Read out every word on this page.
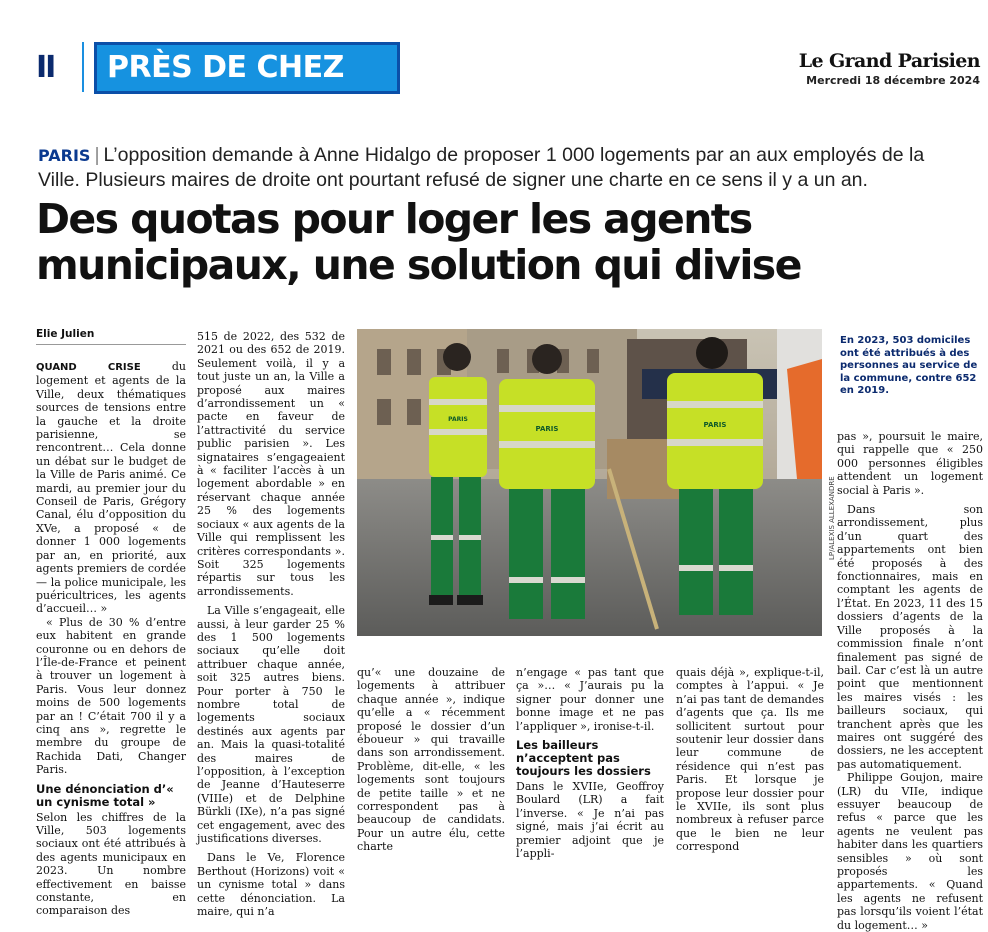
II	PRÈS DE CHEZ VOUS
Le Grand Parisien
Mercredi 18 décembre 2024
PARIS | L’opposition demande à Anne Hidalgo de proposer 1 000 logements par an aux employés de la Ville. Plusieurs maires de droite ont pourtant refusé de signer une charte en ce sens il y a un an.
Des quotas pour loger les agents
municipaux, une solution qui divise
Elie Julien

QUAND CRISE du logement et agents de la Ville, deux thématiques sources de tensions entre la gauche et la droite parisienne, se rencontrent… Cela donne un débat sur le budget de la Ville de Paris animé. Ce mardi, au premier jour du Conseil de Paris, Grégory Canal, élu d’opposition du XVe, a proposé « de donner 1 000 logements par an, en priorité, aux agents premiers de cordée — la police municipale, les puéricultrices, les agents d’accueil… »

« Plus de 30 % d’entre eux habitent en grande couronne ou en dehors de l’Île-de-France et peinent à trouver un logement à Paris. Vous leur donnez moins de 500 logements par an ! C’était 700 il y a cinq ans », regrette le membre du groupe de Rachida Dati, Changer Paris.

Une dénonciation d’« un cynisme total »

Selon les chiffres de la Ville, 503 logements sociaux ont été attribués à des agents municipaux en 2023. Un nombre effectivement en baisse constante, en comparaison des

515 de 2022, des 532 de 2021 ou des 652 de 2019. Seulement voilà, il y a tout juste un an, la Ville a proposé aux maires d’arrondissement un « pacte en faveur de l’attractivité du service public parisien ». Les signataires s’engageaient à « faciliter l’accès à un logement abordable » en réservant chaque année 25 % des logements sociaux « aux agents de la Ville qui remplissent les critères correspondants ». Soit 325 logements répartis sur tous les arrondissements.

La Ville s’engageait, elle aussi, à leur garder 25 % des 1 500 logements sociaux qu’elle doit attribuer chaque année, soit 325 autres biens. Pour porter à 750 le nombre total de logements sociaux destinés aux agents par an. Mais la quasi-totalité des maires de l’opposition, à l’exception de Jeanne d’Hauteserre (VIIIe) et de Delphine Bürkli (IXe), n’a pas signé cet engagement, avec des justifications diverses.

Dans le Ve, Florence Berthout (Horizons) voit « un cynisme total » dans cette dénonciation. La maire, qui n’a

PARIS
PARIS	PARIS
LP/ALEXIS ALLEXANDRE
En 2023, 503 domiciles ont été attribués à des personnes au service de la commune, contre 652 en 2019.

qu’« une douzaine de logements à attribuer chaque année », indique qu’elle a « récemment proposé le dossier d’un éboueur » qui travaille dans son arrondissement. Problème, dit-elle, « les logements sont toujours de petite taille » et ne correspondent pas à beaucoup de candidats. Pour un autre élu, cette charte

n’engage « pas tant que ça »… « J’aurais pu la signer pour donner une bonne image et ne pas l’appliquer », ironise-t-il.

Les bailleurs n’acceptent pas toujours les dossiers

Dans le XVIIe, Geoffroy Boulard (LR) a fait l’inverse. « Je n’ai pas signé, mais j’ai écrit au premier adjoint que je l’appli-

quais déjà », explique-t-il, comptes à l’appui. « Je n’ai pas tant de demandes d’agents que ça. Ils me sollicitent surtout pour soutenir leur dossier dans leur commune de résidence qui n’est pas Paris. Et lorsque je propose leur dossier pour le XVIIe, ils sont plus nombreux à refuser parce que le bien ne leur correspond

pas », poursuit le maire, qui rappelle que « 250 000 personnes éligibles attendent un logement social à Paris ».

Dans son arrondissement, plus d’un quart des appartements ont bien été proposés à des fonctionnaires, mais en comptant les agents de l’État. En 2023, 11 des 15 dossiers d’agents de la Ville proposés à la commission finale n’ont finalement pas signé de bail. Car c’est là un autre point que mentionnent les maires visés : les bailleurs sociaux, qui tranchent après que les maires ont suggéré des dossiers, ne les acceptent pas automatiquement.

Philippe Goujon, maire (LR) du VIIe, indique essuyer beaucoup de refus « parce que les agents ne veulent pas habiter dans les quartiers sensibles » où sont proposés les appartements. « Quand les agents ne refusent pas lorsqu’ils voient l’état du logement… »
